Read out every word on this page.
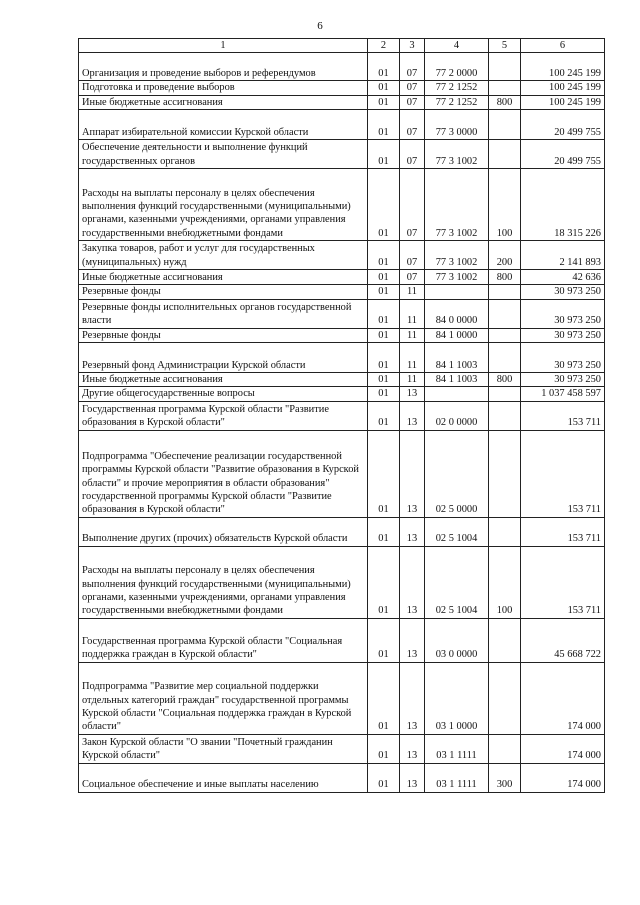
6
1	2	3	4	5	6
Организация и проведение выборов и референдумов	01	07	77 2 0000		100 245 199
Подготовка и проведение выборов	01	07	77 2 1252		100 245 199
Иные бюджетные ассигнования	01	07	77 2 1252	800	100 245 199
Аппарат избирательной комиссии Курской области	01	07	77 3 0000		20 499 755
Обеспечение деятельности и выполнение функций государственных органов	01	07	77 3 1002		20 499 755
Расходы на выплаты персоналу в целях обеспечения выполнения функций государственными (муниципальными) органами, казенными учреждениями, органами управления государственными внебюджетными фондами	01	07	77 3 1002	100	18 315 226
Закупка товаров, работ и услуг для государственных (муниципальных) нужд	01	07	77 3 1002	200	2 141 893
Иные бюджетные ассигнования	01	07	77 3 1002	800	42 636
Резервные фонды	01	11			30 973 250
Резервные фонды исполнительных органов государственной власти	01	11	84 0 0000		30 973 250
Резервные фонды	01	11	84 1 0000		30 973 250
Резервный фонд Администрации Курской области	01	11	84 1 1003		30 973 250
Иные бюджетные ассигнования	01	11	84 1 1003	800	30 973 250
Другие общегосударственные вопросы	01	13			1 037 458 597
Государственная программа Курской области "Развитие образования в Курской области"	01	13	02 0 0000		153 711
Подпрограмма "Обеспечение реализации государственной программы Курской области "Развитие образования в Курской области" и прочие мероприятия в области образования" государственной программы Курской области "Развитие образования в Курской области"	01	13	02 5 0000		153 711
Выполнение других (прочих) обязательств Курской области	01	13	02 5 1004		153 711
Расходы на выплаты персоналу в целях обеспечения выполнения функций государственными (муниципальными) органами, казенными учреждениями, органами управления государственными внебюджетными фондами	01	13	02 5 1004	100	153 711
Государственная программа Курской области "Социальная поддержка граждан в Курской области"	01	13	03 0 0000		45 668 722
Подпрограмма "Развитие мер социальной поддержки отдельных категорий граждан" государственной программы Курской области "Социальная поддержка граждан в Курской области"	01	13	03 1 0000		174 000
Закон Курской области "О звании "Почетный гражданин Курской области"	01	13	03 1 1111		174 000
Социальное обеспечение и иные выплаты населению	01	13	03 1 1111	300	174 000
